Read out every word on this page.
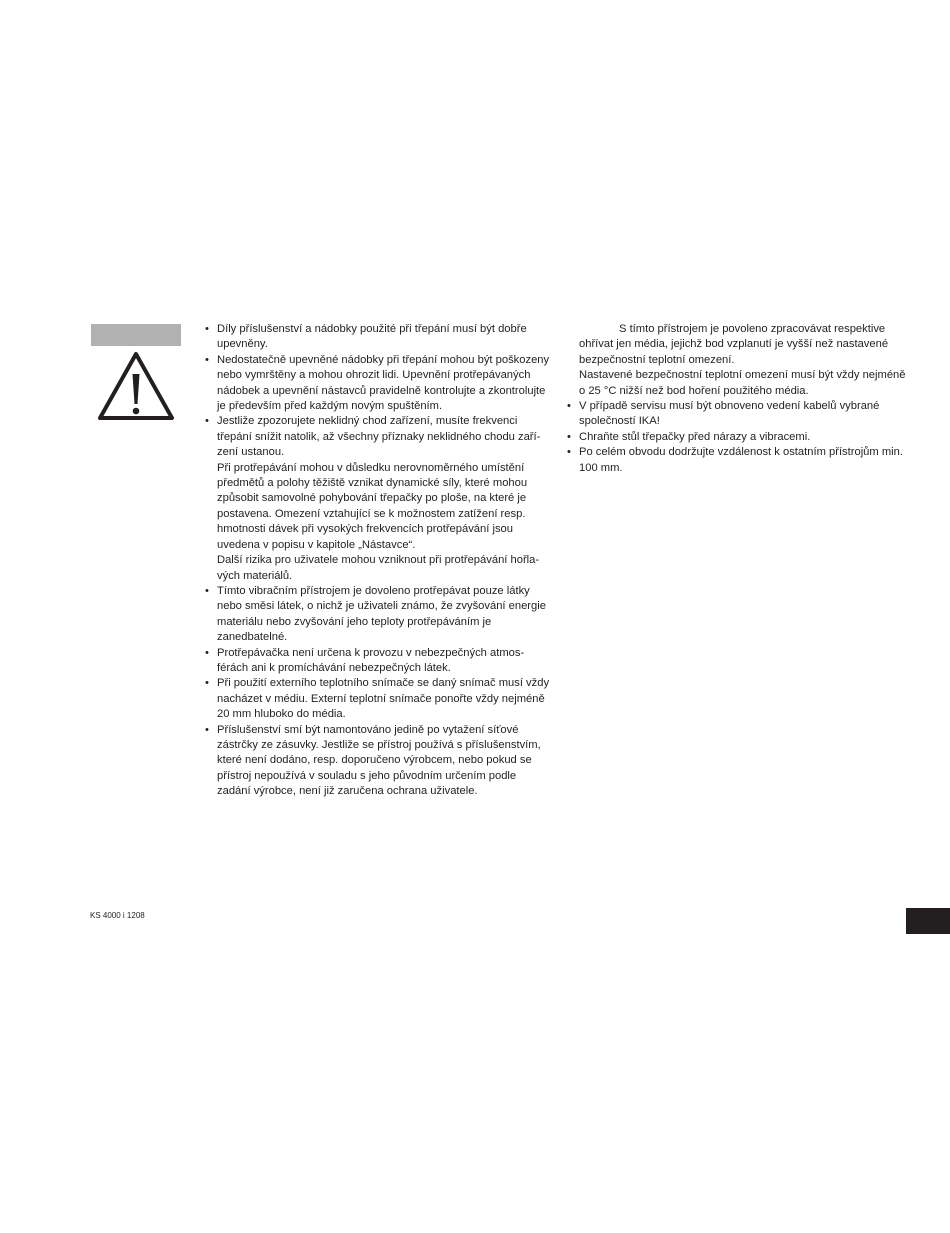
• Díly příslušenství a nádobky použité při třepání musí být dobře upevněny.

• Nedostatečně upevněné nádobky při třepání mohou být poškozeny nebo vymrštěny a mohou ohrozit lidi. Upevnění protřepávaných nádobek a upevnění nástavců pravidelně kontrolujte a zkontrolujte je především před každým novým spuštěním.

• Jestliže zpozorujete neklidný chod zařízení, musíte frekvenci třepání snížit natolik, až všechny příznaky neklidného chodu zařízení ustanou.

Při protřepávání mohou v důsledku nerovnoměrného umístění předmětů a polohy těžiště vznikat dynamické síly, které mohou způsobit samovolné pohybování třepačky po ploše, na které je postavena. Omezení vztahující se k možnostem zatížení resp. hmotnosti dávek při vysokých frekvencích protřepávání jsou uvedena v popisu v kapitole „Nástavce“.

Další rizika pro uživatele mohou vzniknout při protřepávání hořlavých materiálů.

• Tímto vibračním přístrojem je dovoleno protřepávat pouze látky nebo směsi látek, o nichž je uživateli známo, že zvyšování energie materiálu nebo zvyšování jeho teploty protřepáváním je zanedbatelné.

• Protřepávačka není určena k provozu v nebezpečných atmosférách ani k promíchávání nebezpečných látek.

• Při použití externího teplotního snímače se daný snímač musí vždy nacházet v médiu. Externí teplotní snímače ponořte vždy nejméně 20 mm hluboko do média.

• Příslušenství smí být namontováno jedině po vytažení síťové zástrčky ze zásuvky. Jestliže se přístroj používá s příslušenstvím, které není dodáno, resp. doporučeno výrobcem, nebo pokud se přístroj nepoužívá v souladu s jeho původním určením podle zadání výrobce, není již zaručena ochrana uživatele.

S tímto přístrojem je povoleno zpracovávat respektive ohřívat jen média, jejichž bod vzplanutí je vyšší než nastavené bezpečnostní teplotní omezení.

Nastavené bezpečnostní teplotní omezení musí být vždy nejméně o 25 °C nižší než bod hoření použitého média.

• V případě servisu musí být obnoveno vedení kabelů vybrané společností IKA!

• Chraňte stůl třepačky před nárazy a vibracemi.

• Po celém obvodu dodržujte vzdálenost k ostatním přístrojům min. 100 mm.

KS 4000 i 1208
